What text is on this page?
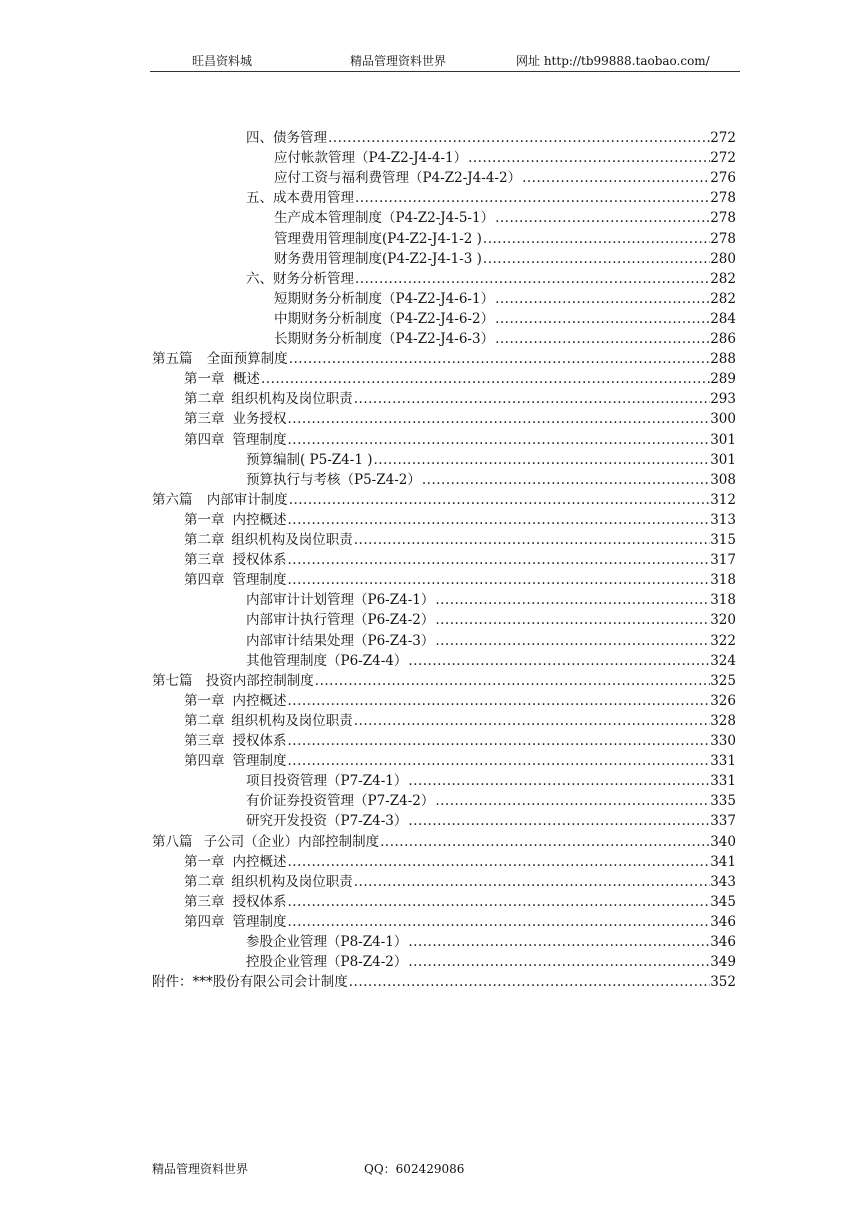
旺昌资料城	精品管理资料世界	网址 http://tb99888.taobao.com/
四、债务管理 .....	272
应付帐款管理（P4-Z2-J4-4-1） .....	272
应付工资与福利费管理（P4-Z2-J4-4-2） .....	276
五、成本费用管理 .....	278
生产成本管理制度（P4-Z2-J4-5-1） .....	278
管理费用管理制度(P4-Z2-J4-1-2 ) .....	278
财务费用管理制度(P4-Z2-J4-1-3 ) .....	280
六、财务分析管理 .....	282
短期财务分析制度（P4-Z2-J4-6-1） .....	282
中期财务分析制度（P4-Z2-J4-6-2） .....	284
长期财务分析制度（P4-Z2-J4-6-3） .....	286
第五篇 全面预算制度 .....	288
第一章 概述 .....	289
第二章 组织机构及岗位职责 .....	293
第三章 业务授权 .....	300
第四章 管理制度 .....	301
预算编制( P5-Z4-1 ) .....	301
预算执行与考核（P5-Z4-2） .....	308
第六篇 内部审计制度 .....	312
第一章 内控概述 .....	313
第二章 组织机构及岗位职责 .....	315
第三章 授权体系 .....	317
第四章 管理制度 .....	318
内部审计计划管理（P6-Z4-1） .....	318
内部审计执行管理（P6-Z4-2） .....	320
内部审计结果处理（P6-Z4-3） .....	322
其他管理制度（P6-Z4-4） .....	324
第七篇 投资内部控制制度 .....	325
第一章 内控概述 .....	326
第二章 组织机构及岗位职责 .....	328
第三章 授权体系 .....	330
第四章 管理制度 .....	331
项目投资管理（P7-Z4-1） .....	331
有价证券投资管理（P7-Z4-2） .....	335
研究开发投资（P7-Z4-3） .....	337
第八篇 子公司（企业）内部控制制度 .....	340
第一章 内控概述 .....	341
第二章 组织机构及岗位职责 .....	343
第三章 授权体系 .....	345
第四章 管理制度 .....	346
参股企业管理（P8-Z4-1） .....	346
控股企业管理（P8-Z4-2） .....	349
附件：***股份有限公司会计制度 .....	352
精品管理资料世界	QQ：602429086
